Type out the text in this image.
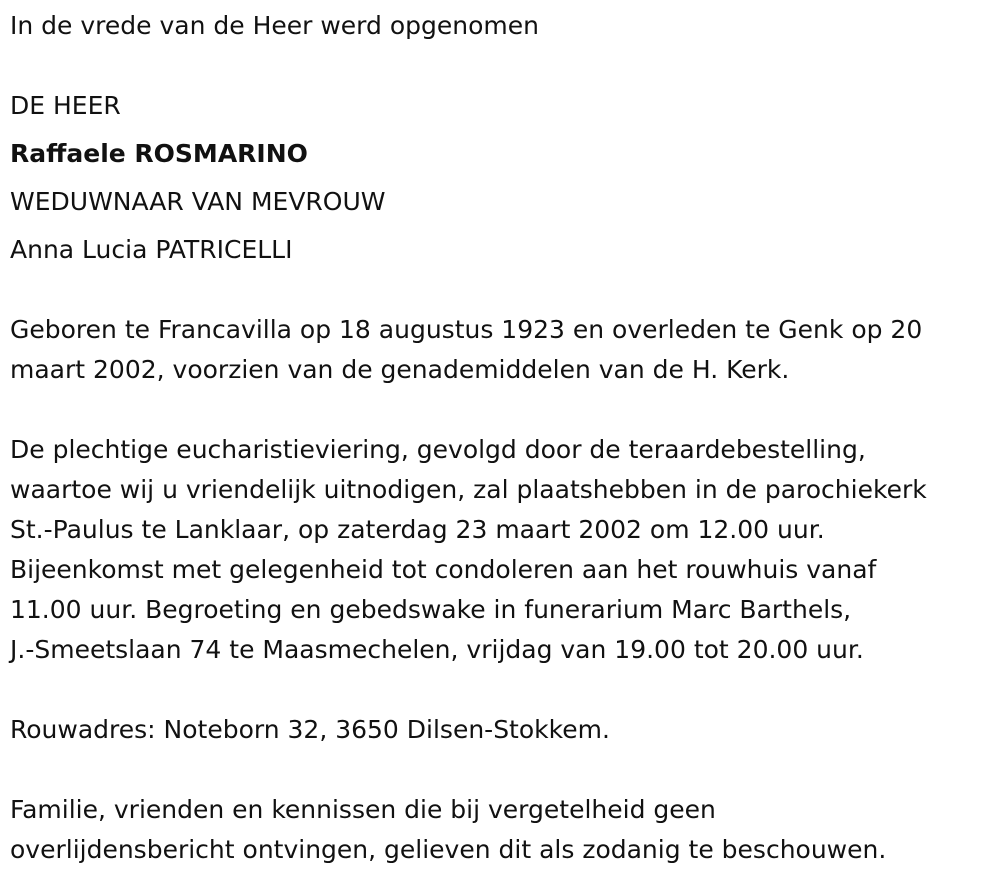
In de vrede van de Heer werd opgenomen

DE HEER

Raffaele ROSMARINO

WEDUWNAAR VAN MEVROUW

Anna Lucia PATRICELLI

Geboren te Francavilla op 18 augustus 1923 en overleden te Genk op 20

maart 2002, voorzien van de genademiddelen van de H. Kerk.

De plechtige eucharistieviering, gevolgd door de teraardebestelling,

waartoe wij u vriendelijk uitnodigen, zal plaatshebben in de parochiekerk

St.-Paulus te Lanklaar, op zaterdag 23 maart 2002 om 12.00 uur.

Bijeenkomst met gelegenheid tot condoleren aan het rouwhuis vanaf

11.00 uur. Begroeting en gebedswake in funerarium Marc Barthels,

J.-Smeetslaan 74 te Maasmechelen, vrijdag van 19.00 tot 20.00 uur.

Rouwadres: Noteborn 32, 3650 Dilsen-Stokkem.

Familie, vrienden en kennissen die bij vergetelheid geen

overlijdensbericht ontvingen, gelieven dit als zodanig te beschouwen.
